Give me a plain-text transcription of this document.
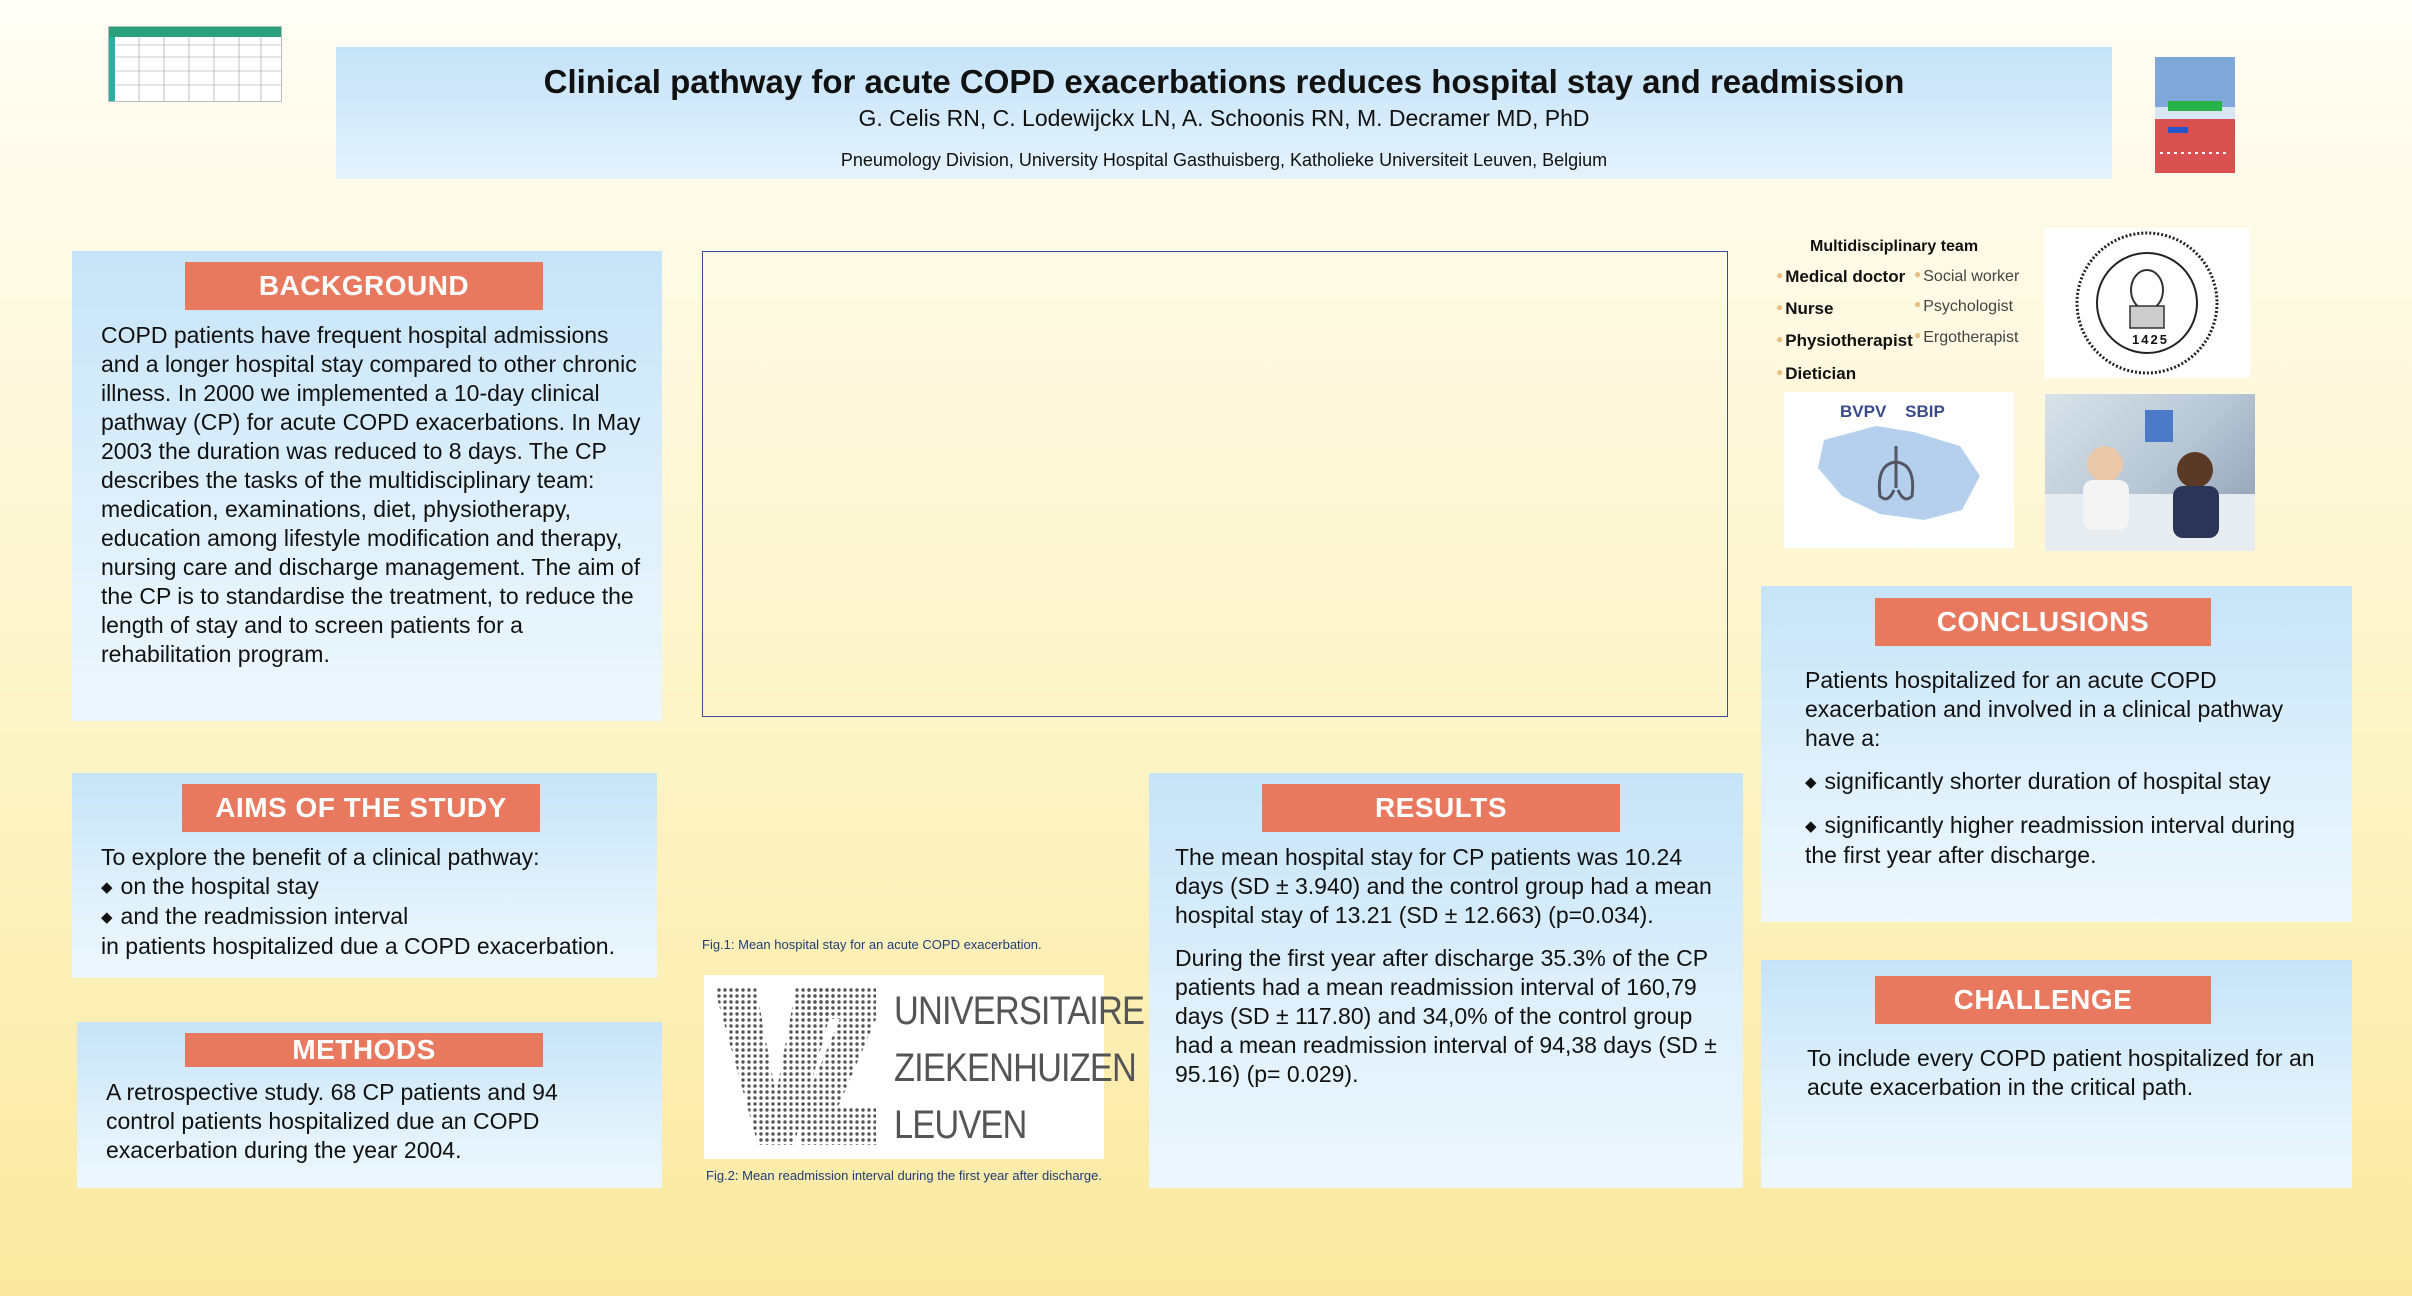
Clinical pathway for acute COPD exacerbations reduces hospital stay and readmission
G. Celis RN, C. Lodewijckx LN, A. Schoonis RN, M. Decramer MD, PhD
Pneumology Division, University Hospital Gasthuisberg, Katholieke Universiteit Leuven, Belgium
BACKGROUND
COPD patients have frequent hospital admissions and a longer hospital stay compared to other chronic illness. In 2000 we implemented a 10-day clinical pathway (CP) for acute COPD exacerbations. In May 2003 the duration was reduced to 8 days. The CP describes the tasks of the multidisciplinary team: medication, examinations, diet, physiotherapy, education among lifestyle modification and therapy, nursing care and discharge management. The aim of the CP is to standardise the treatment, to reduce the length of stay and to screen patients for a rehabilitation program.
AIMS OF THE STUDY
To explore the benefit of a clinical pathway:
◆ on the hospital stay
◆ and the readmission interval
in patients hospitalized due a COPD exacerbation.
METHODS
A retrospective study. 68 CP patients and 94 control patients hospitalized due an COPD exacerbation during the year 2004.
Fig.1: Mean hospital stay for an acute COPD exacerbation.
UNIVERSITAIRE
ZIEKENHUIZEN
LEUVEN
Fig.2: Mean readmission interval during the first year after discharge.
RESULTS

The mean hospital stay for CP patients was 10.24 days (SD ± 3.940) and the control group had a mean hospital stay of 13.21 (SD ± 12.663) (p=0.034).

During the first year after discharge 35.3% of the CP patients had a mean readmission interval of 160,79 days (SD ± 117.80) and 34,0% of the control group had a mean readmission interval of 94,38 days (SD ± 95.16) (p= 0.029).

Multidisciplinary team
● Medical doctor
● Nurse
● Physiotherapist
● Dietician
● Social worker
● Psychologist
● Ergotherapist	1425
BVPV    SBIP
CONCLUSIONS

Patients hospitalized for an acute COPD exacerbation and involved in a clinical pathway have a:

◆ significantly shorter duration of hospital stay

◆ significantly higher readmission interval during the first year after discharge.

CHALLENGE
To include every COPD patient hospitalized for an acute exacerbation in the critical path.
